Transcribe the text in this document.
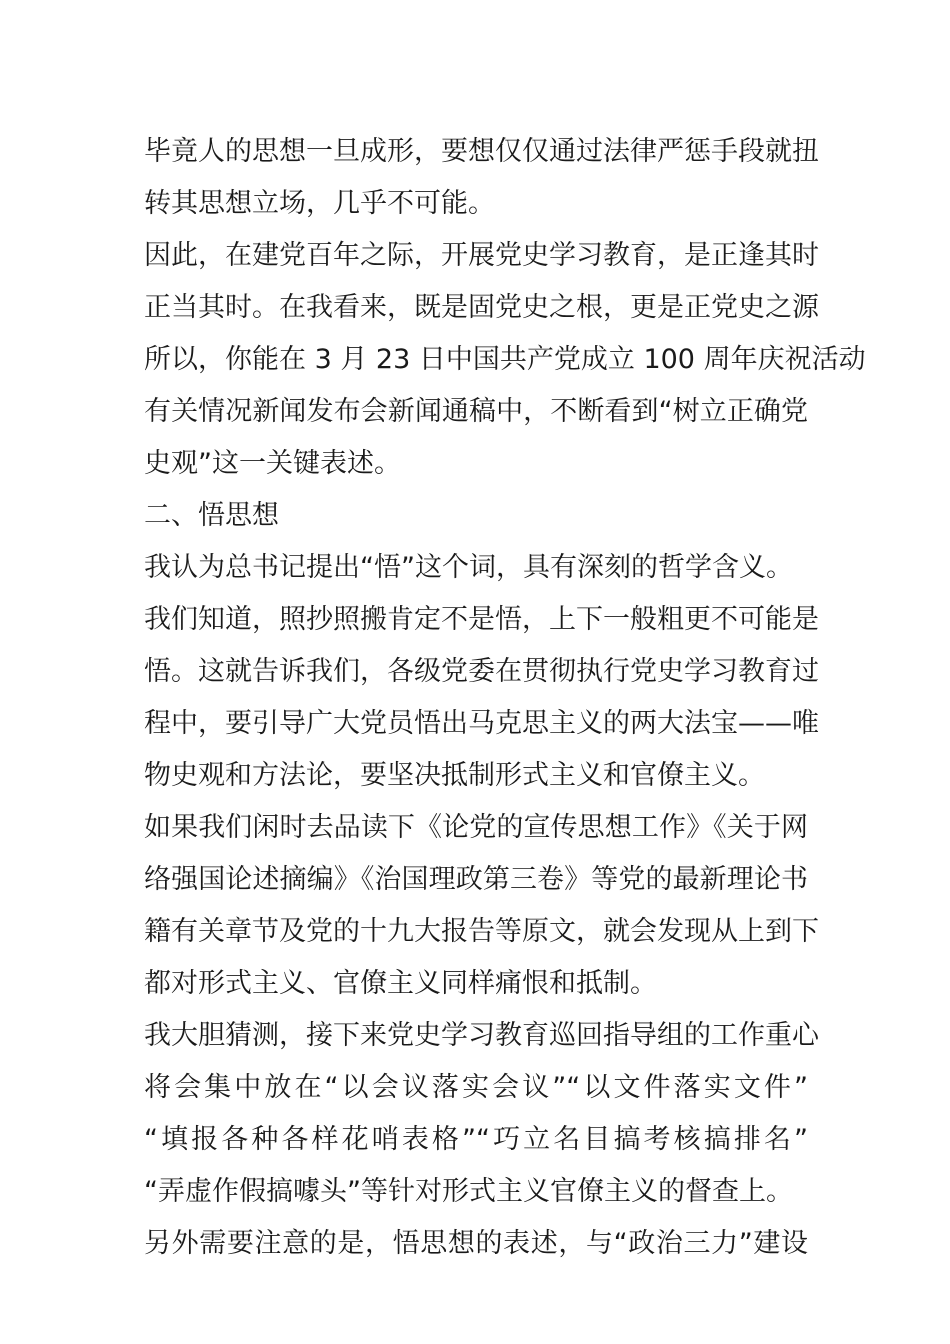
毕竟人的思想一旦成形，要想仅仅通过法律严惩手段就扭

转其思想立场，几乎不可能。

因此，在建党百年之际，开展党史学习教育，是正逢其时

正当其时。在我看来，既是固党史之根，更是正党史之源

所以，你能在 3 月 23 日中国共产党成立 100 周年庆祝活动

有关情况新闻发布会新闻通稿中，不断看到“树立正确党

史观”这一关键表述。

二、悟思想

我认为总书记提出“悟”这个词，具有深刻的哲学含义。

我们知道，照抄照搬肯定不是悟，上下一般粗更不可能是

悟。这就告诉我们，各级党委在贯彻执行党史学习教育过

程中，要引导广大党员悟出马克思主义的两大法宝——唯

物史观和方法论，要坚决抵制形式主义和官僚主义。

如果我们闲时去品读下《论党的宣传思想工作》《关于网

络强国论述摘编》《治国理政第三卷》等党的最新理论书

籍有关章节及党的十九大报告等原文，就会发现从上到下

都对形式主义、官僚主义同样痛恨和抵制。

我大胆猜测，接下来党史学习教育巡回指导组的工作重心

将会集中放在“以会议落实会议”“以文件落实文件”

“填报各种各样花哨表格”“巧立名目搞考核搞排名”

“弄虚作假搞噱头”等针对形式主义官僚主义的督查上。

另外需要注意的是，悟思想的表述，与“政治三力”建设
